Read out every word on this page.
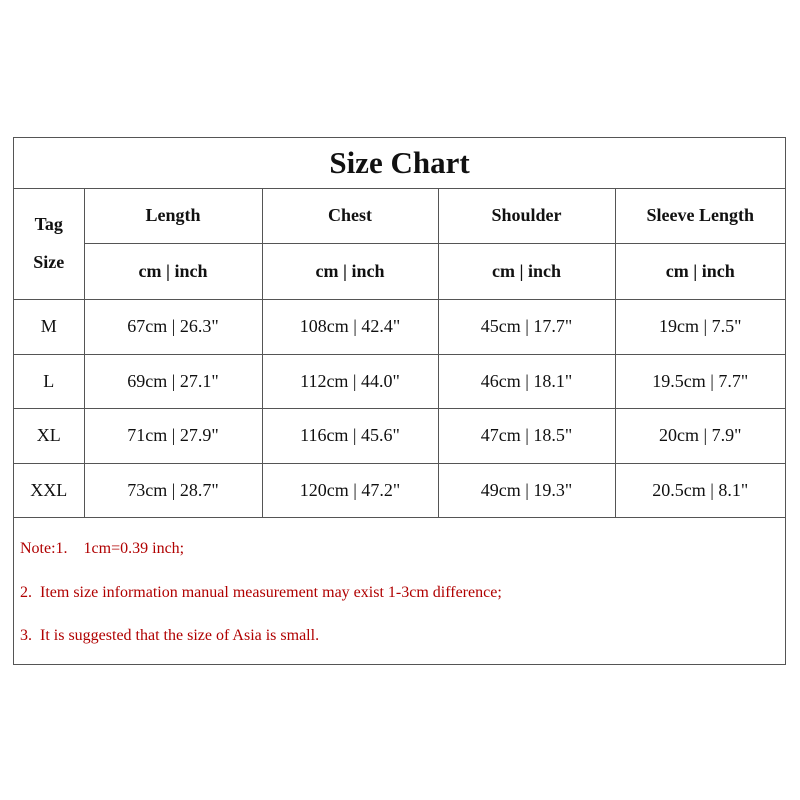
Size Chart
Tag
Size	Length	Chest	Shoulder	Sleeve Length
	cm | inch	cm | inch	cm | inch	cm | inch
M	67cm | 26.3"	108cm | 42.4"	45cm | 17.7"	19cm | 7.5"
L	69cm | 27.1"	112cm | 44.0"	46cm | 18.1"	19.5cm | 7.7"
XL	71cm | 27.9"	116cm | 45.6"	47cm | 18.5"	20cm | 7.9"
XXL	73cm | 28.7"	120cm | 47.2"	49cm | 19.3"	20.5cm | 8.1"
Note:1.    1cm=0.39 inch;
2.  Item size information manual measurement may exist 1-3cm difference;
3.  It is suggested that the size of Asia is small.
